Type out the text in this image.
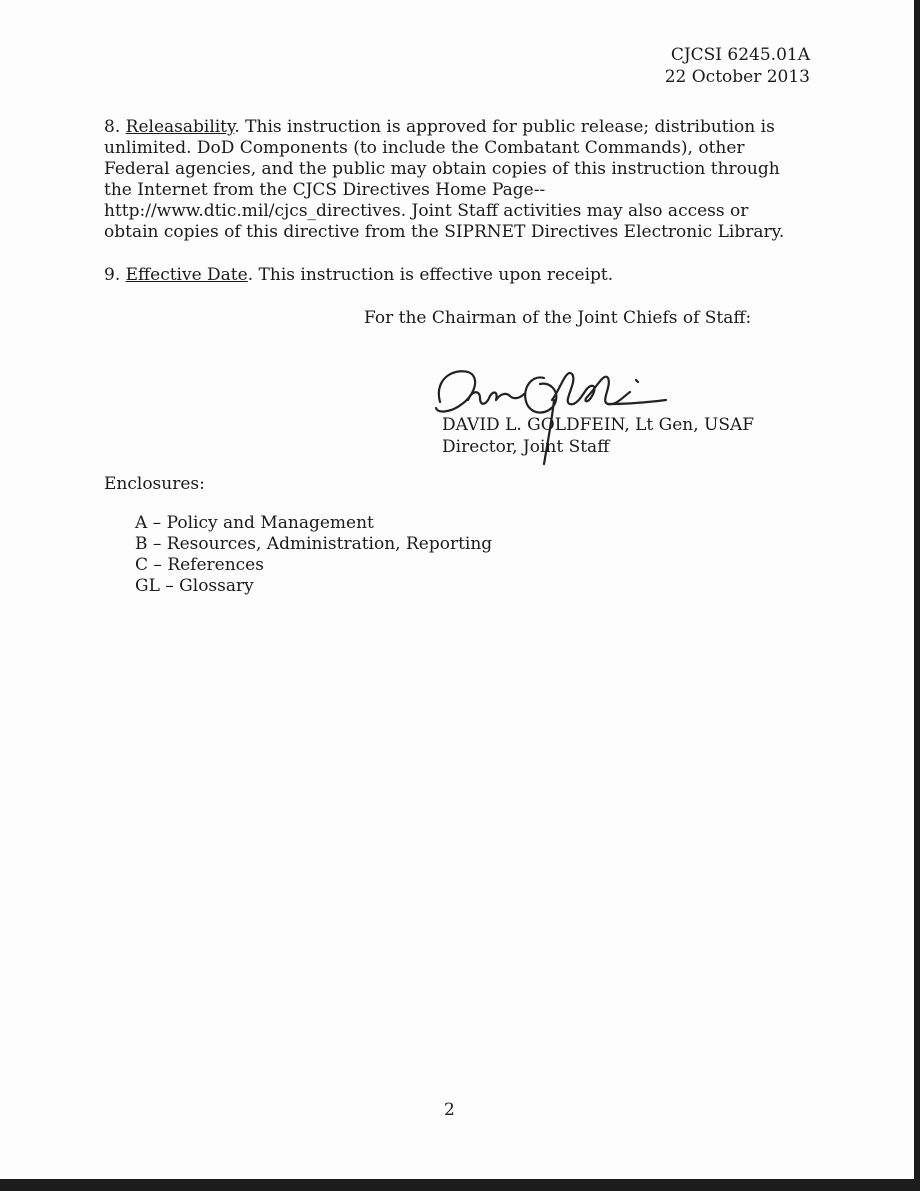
CJCSI 6245.01A
22 October 2013

8. Releasability. This instruction is approved for public release; distribution is unlimited. DoD Components (to include the Combatant Commands), other Federal agencies, and the public may obtain copies of this instruction through the Internet from the CJCS Directives Home Page-- http://www.dtic.mil/cjcs_directives. Joint Staff activities may also access or obtain copies of this directive from the SIPRNET Directives Electronic Library.

9. Effective Date. This instruction is effective upon receipt.

For the Chairman of the Joint Chiefs of Staff:
DAVID L. GOLDFEIN, Lt Gen, USAF
Director, Joint Staff
Enclosures:
A – Policy and Management
B – Resources, Administration, Reporting
C – References
GL – Glossary
2
